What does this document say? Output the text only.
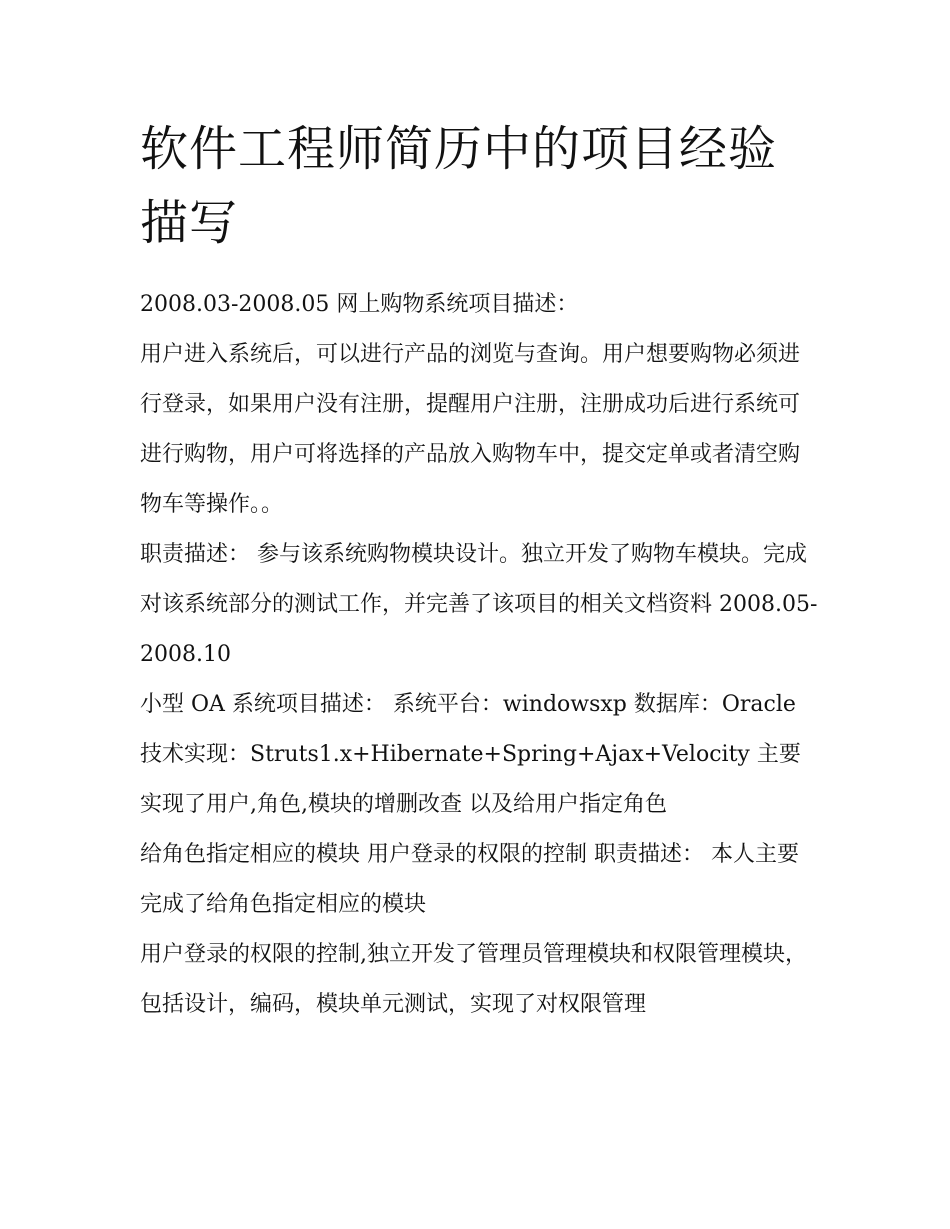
软件工程师简历中的项目经验描写

2008.03-2008.05 网上购物系统项目描述：

用户进入系统后，可以进行产品的浏览与查询。用户想要购物必须进行登录，如果用户没有注册，提醒用户注册，注册成功后进行系统可进行购物，用户可将选择的产品放入购物车中，提交定单或者清空购物车等操作。。

职责描述： 参与该系统购物模块设计。独立开发了购物车模块。完成对该系统部分的测试工作，并完善了该项目的相关文档资料 2008.05-2008.10

小型 OA 系统项目描述： 系统平台：windowsxp 数据库：Oracle

技术实现：Struts1.x+Hibernate+Spring+Ajax+Velocity 主要实现了用户,角色,模块的增删改查 以及给用户指定角色

给角色指定相应的模块 用户登录的权限的控制 职责描述： 本人主要完成了给角色指定相应的模块

用户登录的权限的控制,独立开发了管理员管理模块和权限管理模块，包括设计，编码，模块单元测试，实现了对权限管理
